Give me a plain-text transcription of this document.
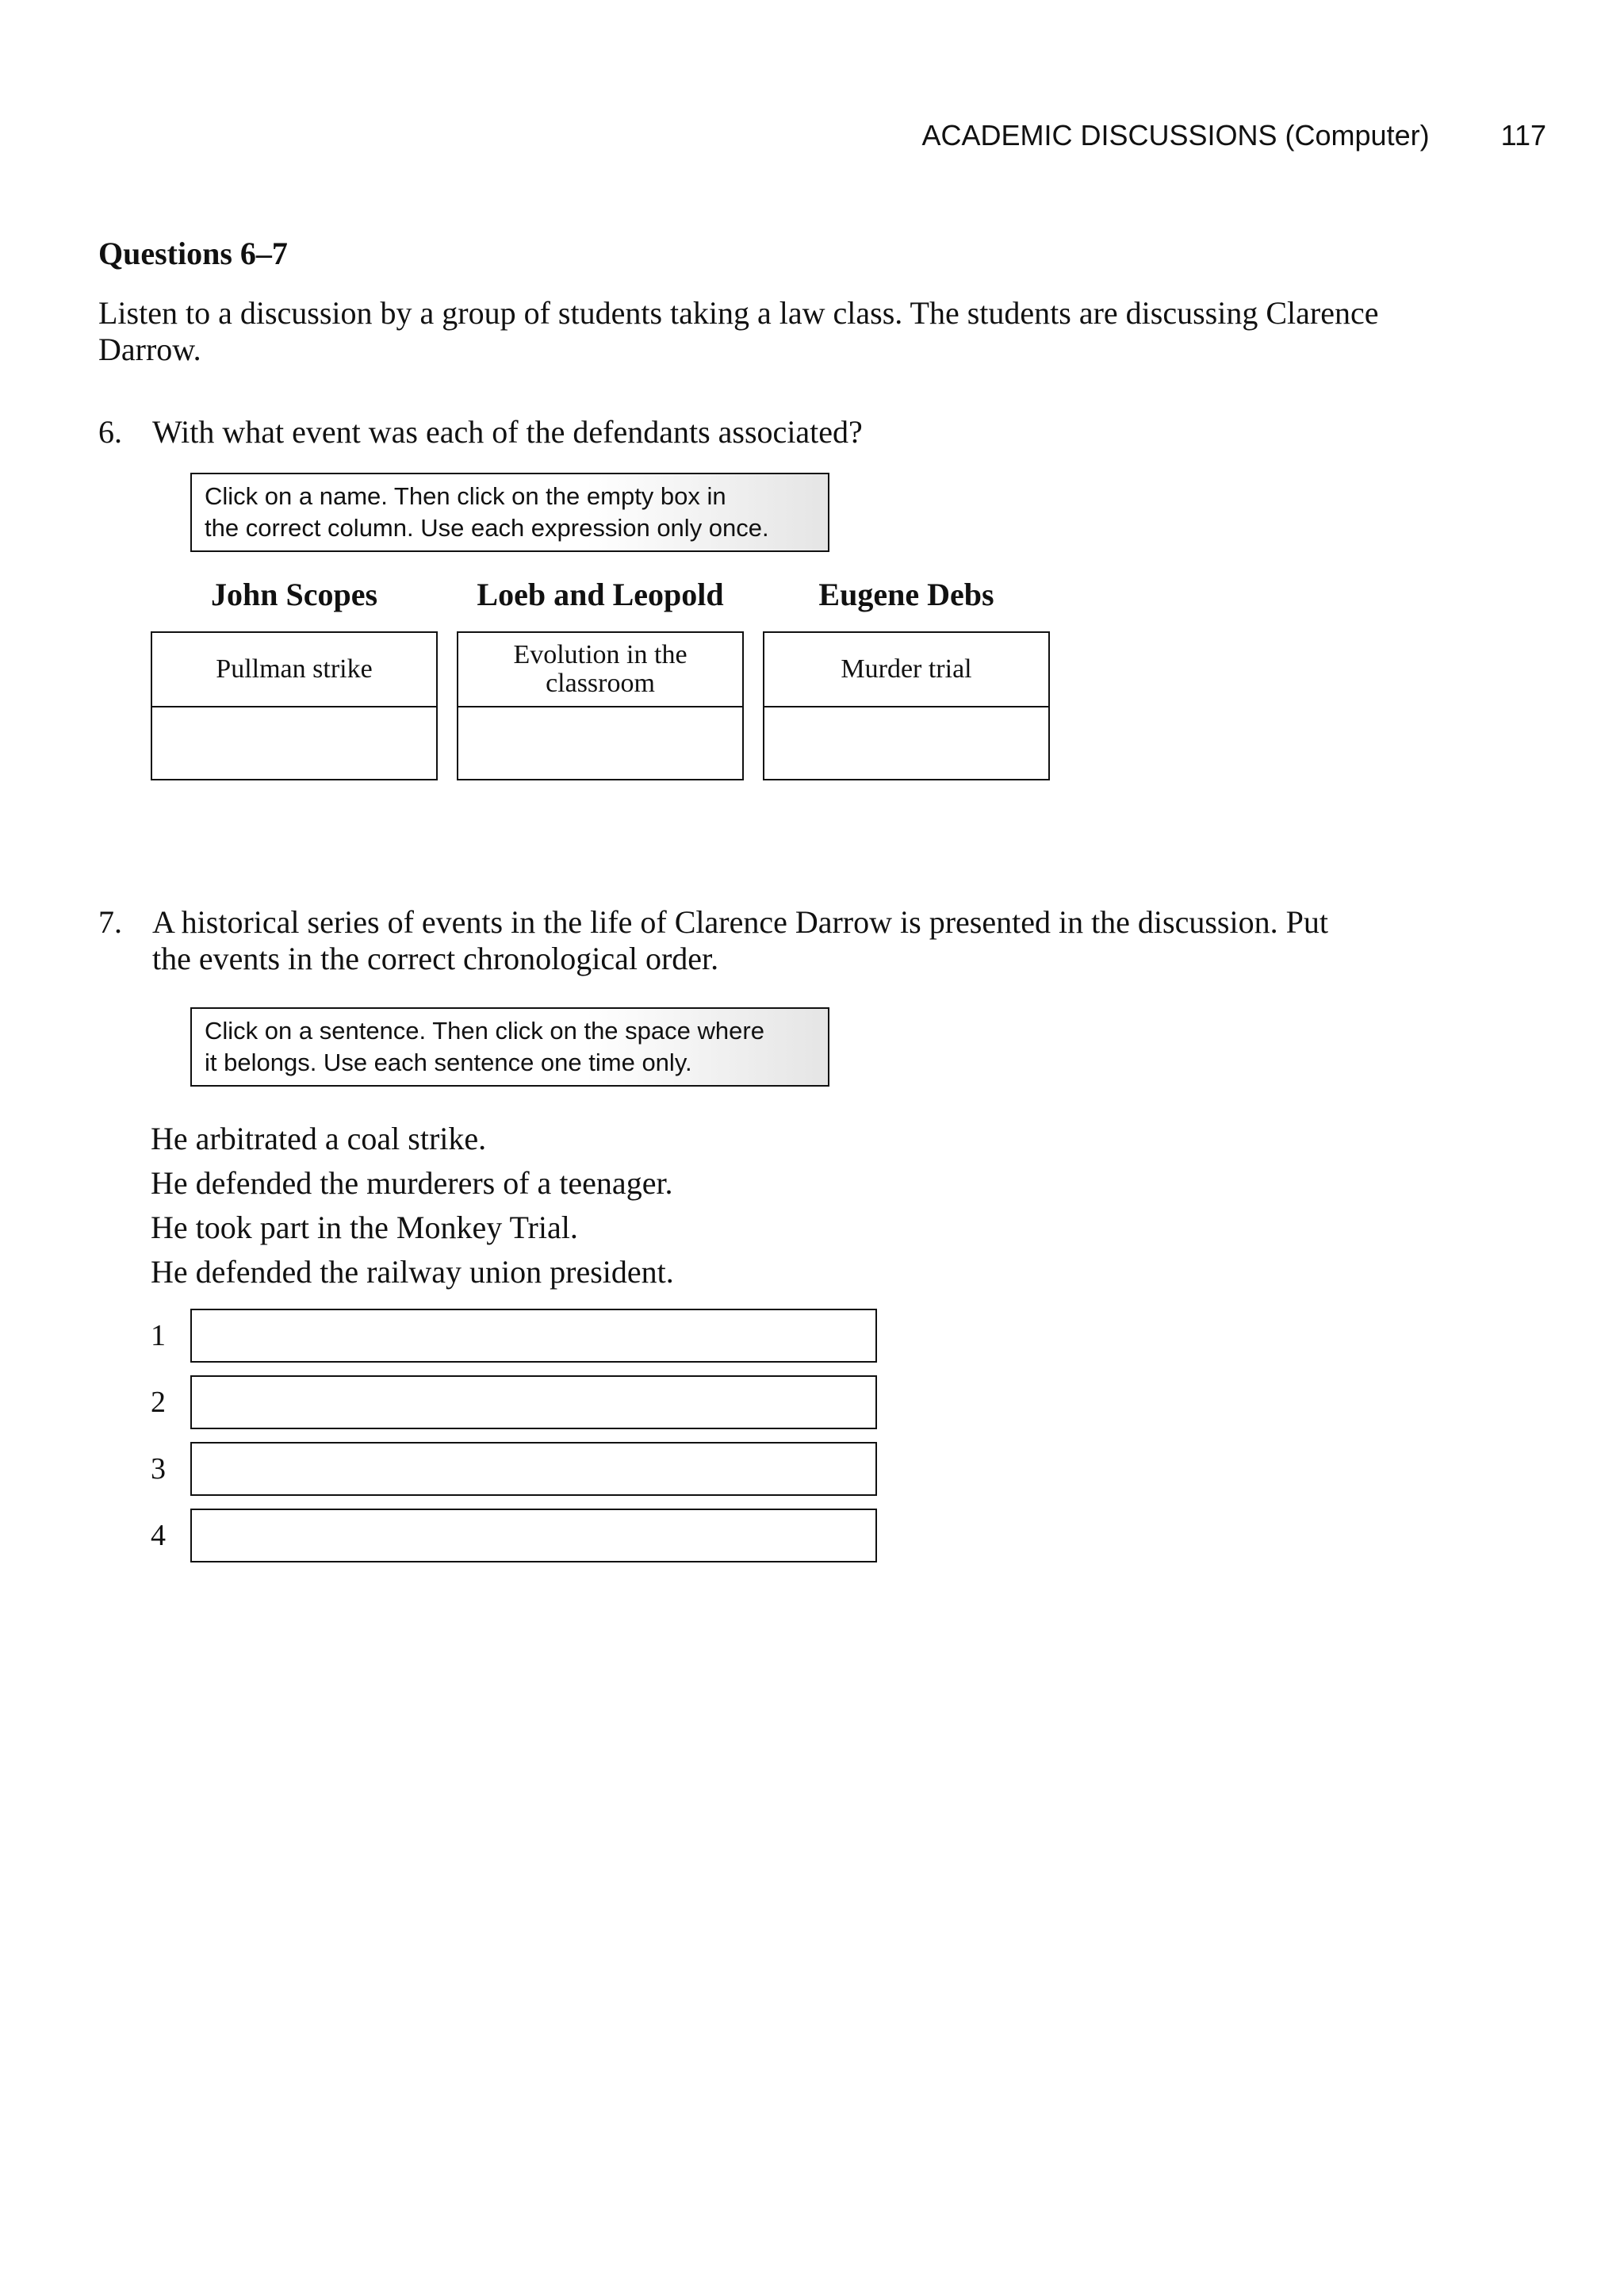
ACADEMIC DISCUSSIONS (Computer)	117
Questions 6–7
Listen to a discussion by a group of students taking a law class. The students are discussing Clarence Darrow.
6. With what event was each of the defendants associated?
Click on a name. Then click on the empty box in
the correct column. Use each expression only once.
John Scopes	Loeb and Leopold	Eugene Debs
Pullman strike	Evolution in the classroom	Murder trial
7. A historical series of events in the life of Clarence Darrow is presented in the discussion. Put
the events in the correct chronological order.
Click on a sentence. Then click on the space where
it belongs. Use each sentence one time only.
He arbitrated a coal strike.
He defended the murderers of a teenager.
He took part in the Monkey Trial.
He defended the railway union president.
1
2
3
4
